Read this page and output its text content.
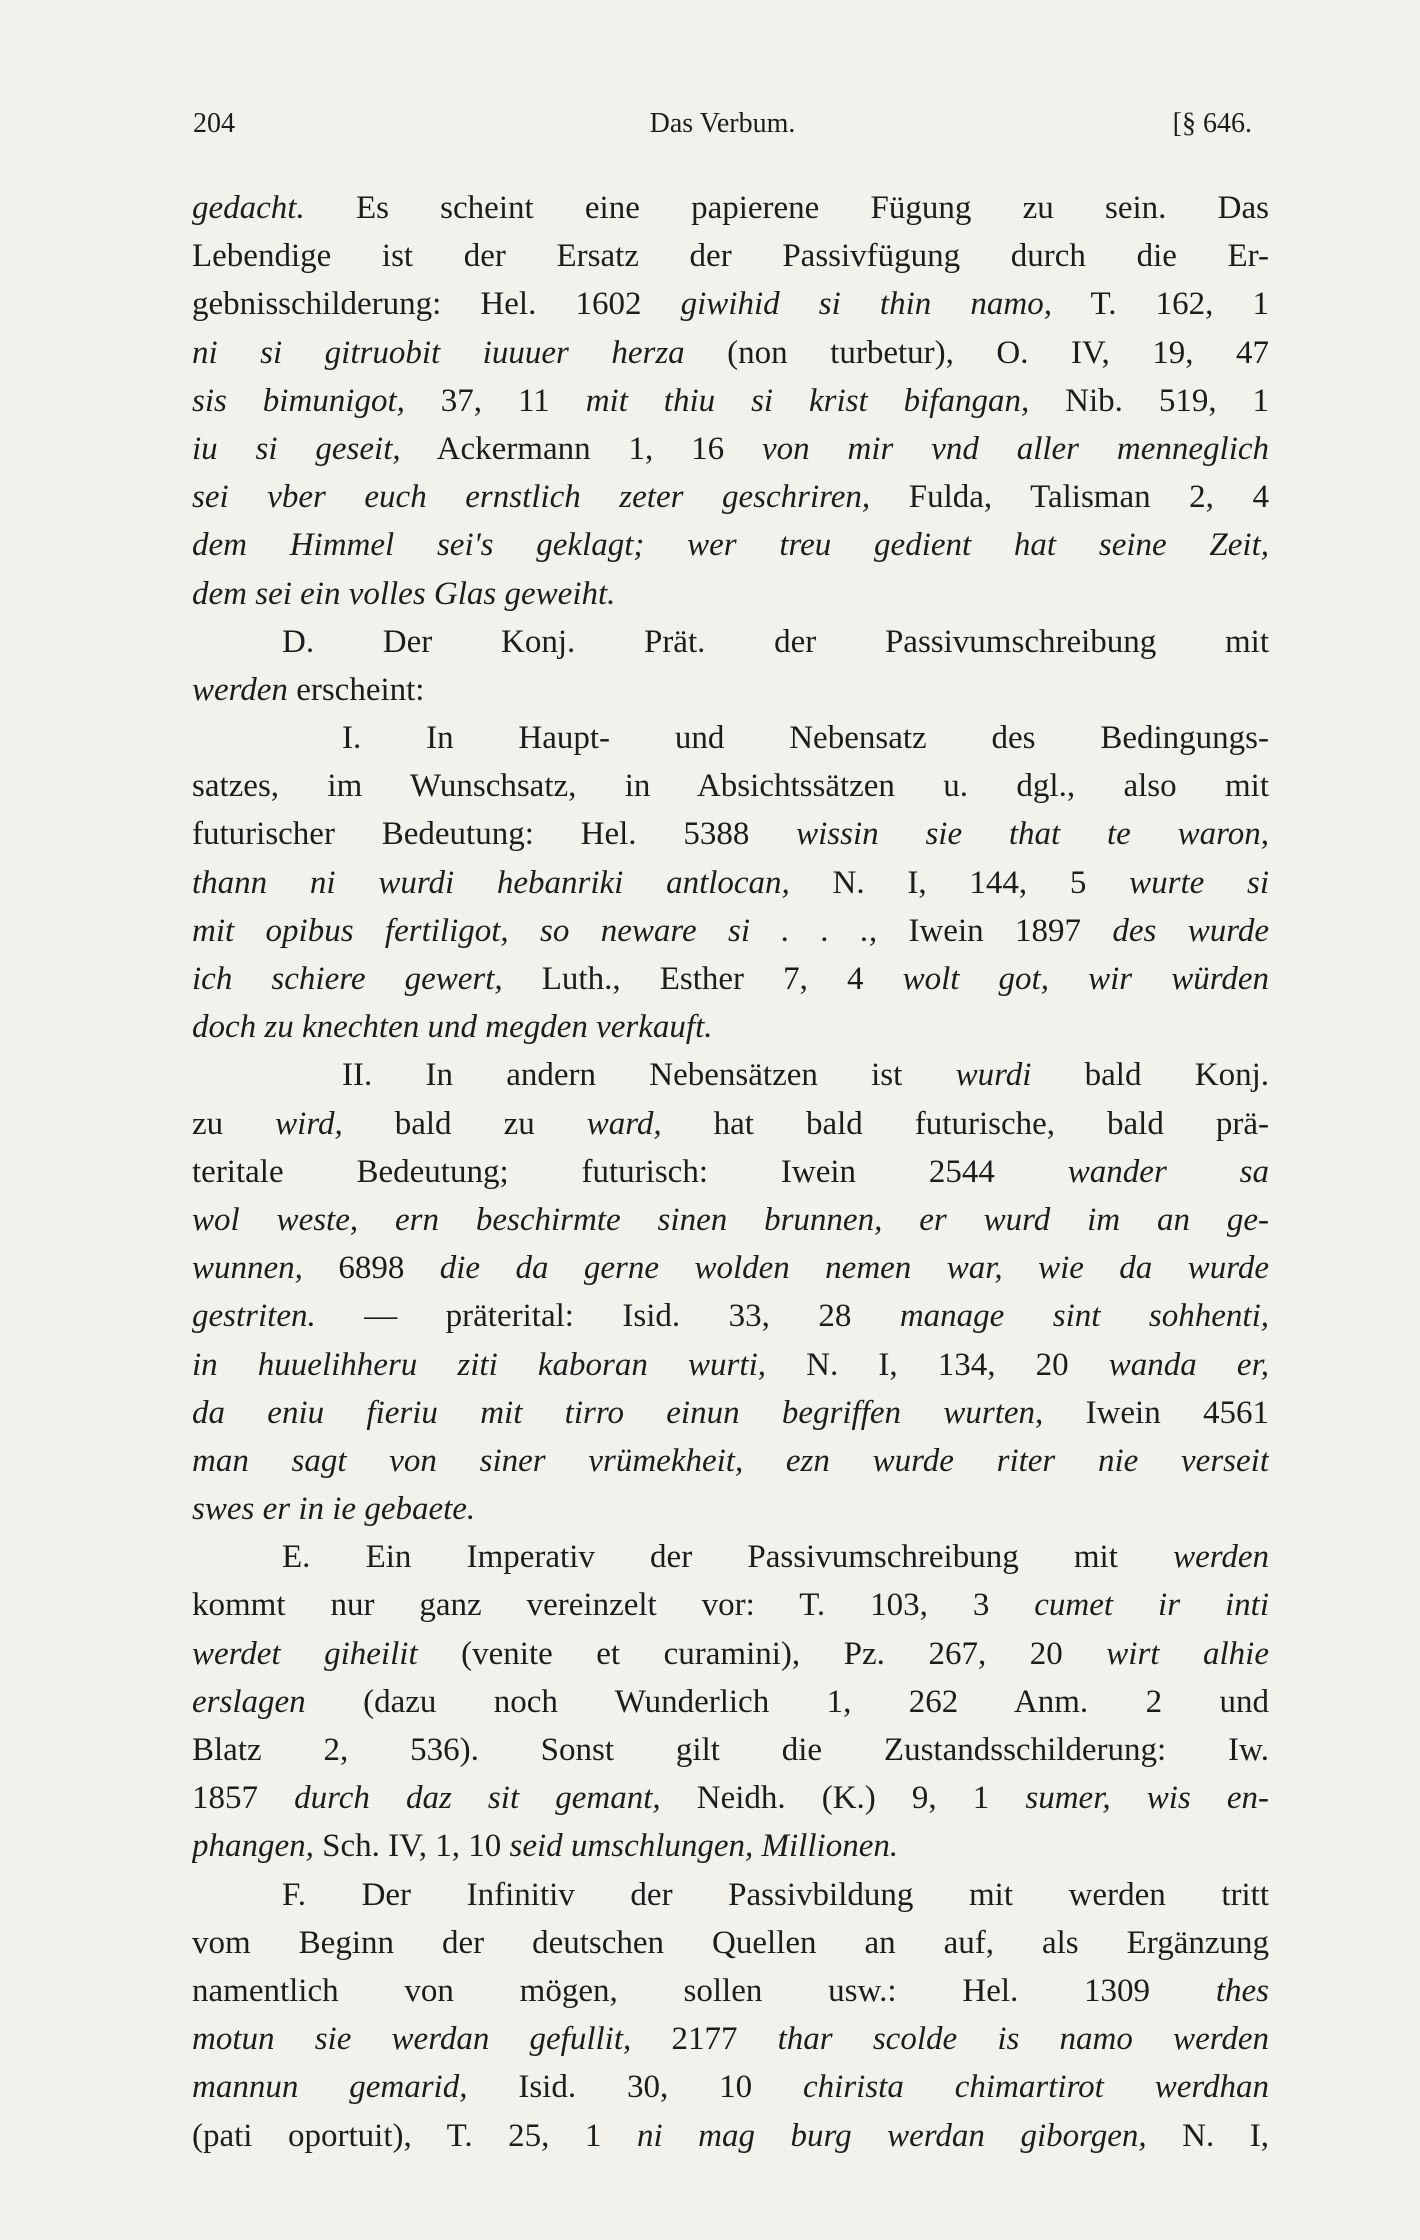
204	Das Verbum.	[§ 646.
gedacht. Es scheint eine papierene Fügung zu sein. Das
Lebendige ist der Ersatz der Passivfügung durch die Er-
gebnisschilderung: Hel. 1602 giwihid si thin namo, T. 162, 1
ni si gitruobit iuuuer herza (non turbetur), O. IV, 19, 47
sis bimunigot, 37, 11 mit thiu si krist bifangan, Nib. 519, 1
iu si geseit, Ackermann 1, 16 von mir vnd aller menneglich
sei vber euch ernstlich zeter geschriren, Fulda, Talisman 2, 4
dem Himmel sei's geklagt; wer treu gedient hat seine Zeit,
dem sei ein volles Glas geweiht.
D. Der Konj. Prät. der Passivumschreibung mit
werden erscheint:
I. In Haupt- und Nebensatz des Bedingungs-
satzes, im Wunschsatz, in Absichtssätzen u. dgl., also mit
futurischer Bedeutung: Hel. 5388 wissin sie that te waron,
thann ni wurdi hebanriki antlocan, N. I, 144, 5 wurte si
mit opibus fertiligot, so neware si . . ., Iwein 1897 des wurde
ich schiere gewert, Luth., Esther 7, 4 wolt got, wir würden
doch zu knechten und megden verkauft.
II. In andern Nebensätzen ist wurdi bald Konj.
zu wird, bald zu ward, hat bald futurische, bald prä-
teritale Bedeutung; futurisch: Iwein 2544 wander sa
wol weste, ern beschirmte sinen brunnen, er wurd im an ge-
wunnen, 6898 die da gerne wolden nemen war, wie da wurde
gestriten. — präterital: Isid. 33, 28 manage sint sohhenti,
in huuelihheru ziti kaboran wurti, N. I, 134, 20 wanda er,
da eniu fieriu mit tirro einun begriffen wurten, Iwein 4561
man sagt von siner vrümekheit, ezn wurde riter nie verseit
swes er in ie gebaete.
E. Ein Imperativ der Passivumschreibung mit werden
kommt nur ganz vereinzelt vor: T. 103, 3 cumet ir inti
werdet giheilit (venite et curamini), Pz. 267, 20 wirt alhie
erslagen (dazu noch Wunderlich 1, 262 Anm. 2 und
Blatz 2, 536). Sonst gilt die Zustandsschilderung: Iw.
1857 durch daz sit gemant, Neidh. (K.) 9, 1 sumer, wis en-
phangen, Sch. IV, 1, 10 seid umschlungen, Millionen.
F. Der Infinitiv der Passivbildung mit werden tritt
vom Beginn der deutschen Quellen an auf, als Ergänzung
namentlich von mögen, sollen usw.: Hel. 1309 thes
motun sie werdan gefullit, 2177 thar scolde is namo werden
mannun gemarid, Isid. 30, 10 chirista chimartirot werdhan
(pati oportuit), T. 25, 1 ni mag burg werdan giborgen, N. I,
